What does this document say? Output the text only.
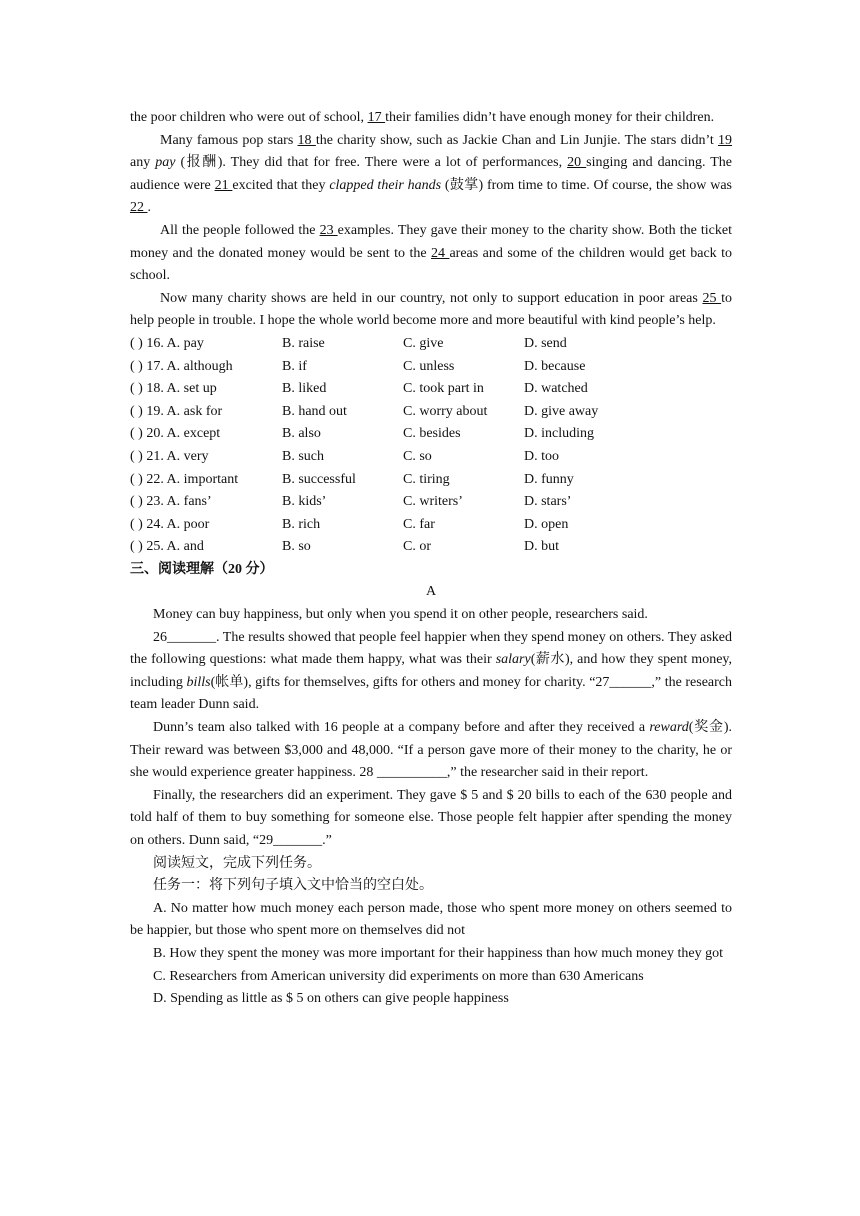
the poor children who were out of school, 17 their families didn’t have enough money for their children.

Many famous pop stars 18 the charity show, such as Jackie Chan and Lin Junjie. The stars didn’t 19 any pay (报酬). They did that for free. There were a lot of performances, 20 singing and dancing. The audience were 21 excited that they clapped their hands (鼓掌) from time to time. Of course, the show was 22 .

All the people followed the 23 examples. They gave their money to the charity show. Both the ticket money and the donated money would be sent to the 24 areas and some of the children would get back to school.

Now many charity shows are held in our country, not only to support education in poor areas 25 to help people in trouble. I hope the whole world become more and more beautiful with kind people’s help.

( ) 16. A. pay	B. raise	C. give	D. send
( ) 17. A. although	B. if	C. unless	D. because
( ) 18. A. set up	B. liked	C. took part in	D. watched
( ) 19. A. ask for	B. hand out	C. worry about	D. give away
( ) 20. A. except	B. also	C. besides	D. including
( ) 21. A. very	B. such	C. so	D. too
( ) 22. A. important	B. successful	C. tiring	D. funny
( ) 23. A. fans’	B. kids’	C. writers’	D. stars’
( ) 24. A. poor	B. rich	C. far	D. open
( ) 25. A. and	B. so	C. or	D. but

三、阅读理解（20 分）

A

Money can buy happiness, but only when you spend it on other people, researchers said.

26_______. The results showed that people feel happier when they spend money on others. They asked the following questions: what made them happy, what was their salary(薪水), and how they spent money, including bills(帐单), gifts for themselves, gifts for others and money for charity. “27______,” the research team leader Dunn said.

Dunn’s team also talked with 16 people at a company before and after they received a reward(奖金). Their reward was between $3,000 and 48,000. “If a person gave more of their money to the charity, he or she would experience greater happiness. 28 __________,” the researcher said in their report.

Finally, the researchers did an experiment. They gave $ 5 and $ 20 bills to each of the 630 people and told half of them to buy something for someone else. Those people felt happier after spending the money on others. Dunn said, “29_______.”

阅读短文，完成下列任务。

任务一：将下列句子填入文中恰当的空白处。

A. No matter how much money each person made, those who spent more money on others seemed to be happier, but those who spent more on themselves did not

B. How they spent the money was more important for their happiness than how much money they got

C. Researchers from American university did experiments on more than 630 Americans

D. Spending as little as $ 5 on others can give people happiness
